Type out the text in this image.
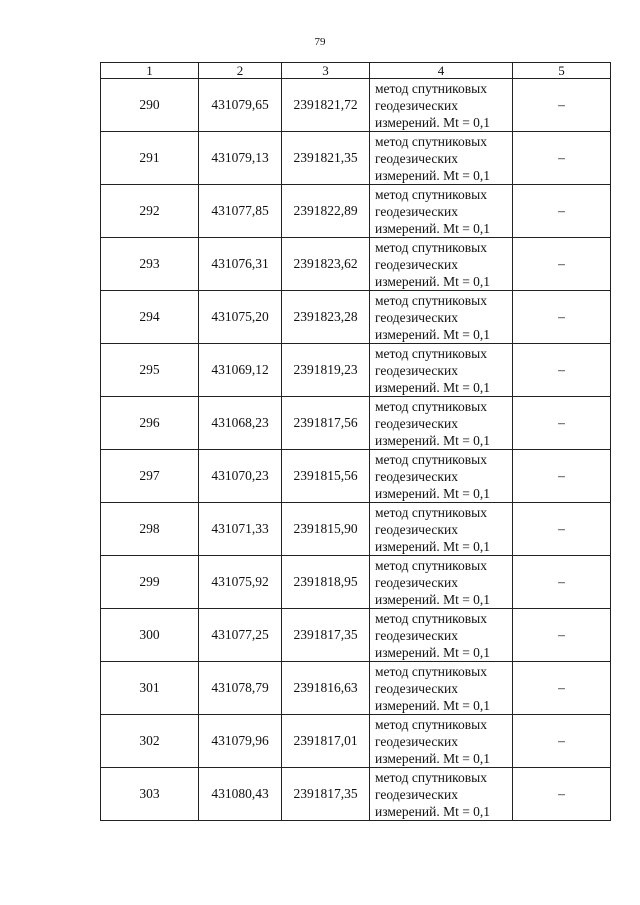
79
1	2	3	4	5
290	431079,65	2391821,72	метод спутниковых
геодезических
измерений. Mt = 0,1	–
291	431079,13	2391821,35	метод спутниковых
геодезических
измерений. Mt = 0,1	–
292	431077,85	2391822,89	метод спутниковых
геодезических
измерений. Mt = 0,1	–
293	431076,31	2391823,62	метод спутниковых
геодезических
измерений. Mt = 0,1	–
294	431075,20	2391823,28	метод спутниковых
геодезических
измерений. Mt = 0,1	–
295	431069,12	2391819,23	метод спутниковых
геодезических
измерений. Mt = 0,1	–
296	431068,23	2391817,56	метод спутниковых
геодезических
измерений. Mt = 0,1	–
297	431070,23	2391815,56	метод спутниковых
геодезических
измерений. Mt = 0,1	–
298	431071,33	2391815,90	метод спутниковых
геодезических
измерений. Mt = 0,1	–
299	431075,92	2391818,95	метод спутниковых
геодезических
измерений. Mt = 0,1	–
300	431077,25	2391817,35	метод спутниковых
геодезических
измерений. Mt = 0,1	–
301	431078,79	2391816,63	метод спутниковых
геодезических
измерений. Mt = 0,1	–
302	431079,96	2391817,01	метод спутниковых
геодезических
измерений. Mt = 0,1	–
303	431080,43	2391817,35	метод спутниковых
геодезических
измерений. Mt = 0,1	–
